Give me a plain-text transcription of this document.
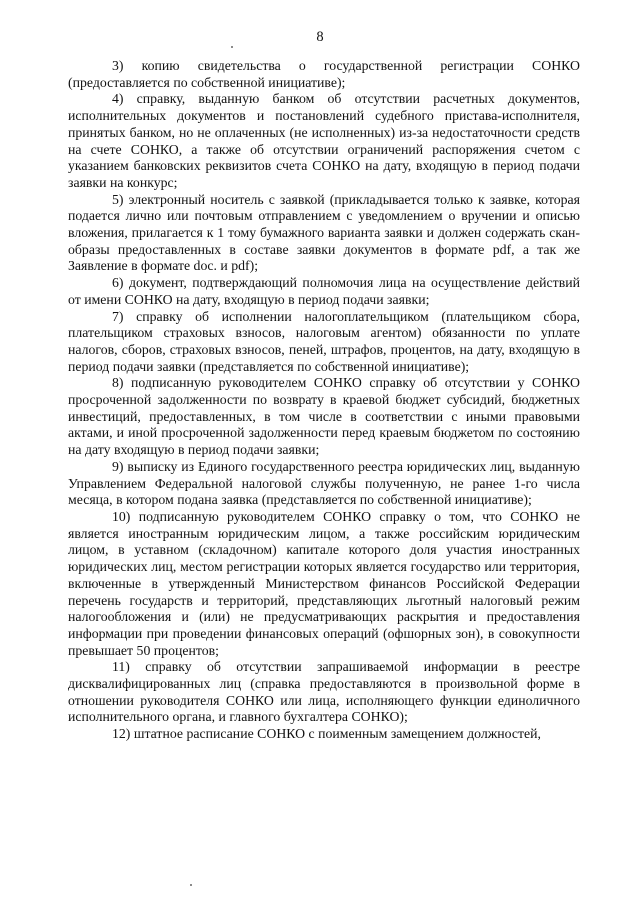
8

3) копию свидетельства о государственной регистрации СОНКО (предоставляется по собственной инициативе);

4) справку, выданную банком об отсутствии расчетных документов, исполнительных документов и постановлений судебного пристава-исполнителя, принятых банком, но не оплаченных (не исполненных) из-за недостаточности средств на счете СОНКО, а также об отсутствии ограничений распоряжения счетом с указанием банковских реквизитов счета СОНКО на дату, входящую в период подачи заявки на конкурс;

5) электронный носитель с заявкой (прикладывается только к заявке, которая подается лично или почтовым отправлением с уведомлением о вручении и описью вложения, прилагается к 1 тому бумажного варианта заявки и должен содержать скан-образы предоставленных в составе заявки документов в формате pdf, а так же Заявление в формате doc. и pdf);

6) документ, подтверждающий полномочия лица на осуществление действий от имени СОНКО на дату, входящую в период подачи заявки;

7) справку об исполнении налогоплательщиком (плательщиком сбора, плательщиком страховых взносов, налоговым агентом) обязанности по уплате налогов, сборов, страховых взносов, пеней, штрафов, процентов, на дату, входящую в период подачи заявки (представляется по собственной инициативе);

8) подписанную руководителем СОНКО справку об отсутствии у СОНКО просроченной задолженности по возврату в краевой бюджет субсидий, бюджетных инвестиций, предоставленных, в том числе в соответствии с иными правовыми актами, и иной просроченной задолженности перед краевым бюджетом по состоянию на дату входящую в период подачи заявки;

9) выписку из Единого государственного реестра юридических лиц, выданную Управлением Федеральной налоговой службы полученную, не ранее 1-го числа месяца, в котором подана заявка (представляется по собственной инициативе);

10) подписанную руководителем СОНКО справку о том, что СОНКО не является иностранным юридическим лицом, а также российским юридическим лицом, в уставном (складочном) капитале которого доля участия иностранных юридических лиц, местом регистрации которых является государство или территория, включенные в утвержденный Министерством финансов Российской Федерации перечень государств и территорий, представляющих льготный налоговый режим налогообложения и (или) не предусматривающих раскрытия и предоставления информации при проведении финансовых операций (офшорных зон), в совокупности превышает 50 процентов;

11) справку об отсутствии запрашиваемой информации в реестре дисквалифицированных лиц (справка предоставляются в произвольной форме в отношении руководителя СОНКО или лица, исполняющего функции единоличного исполнительного органа, и главного бухгалтера СОНКО);

12) штатное расписание СОНКО с поименным замещением должностей,
